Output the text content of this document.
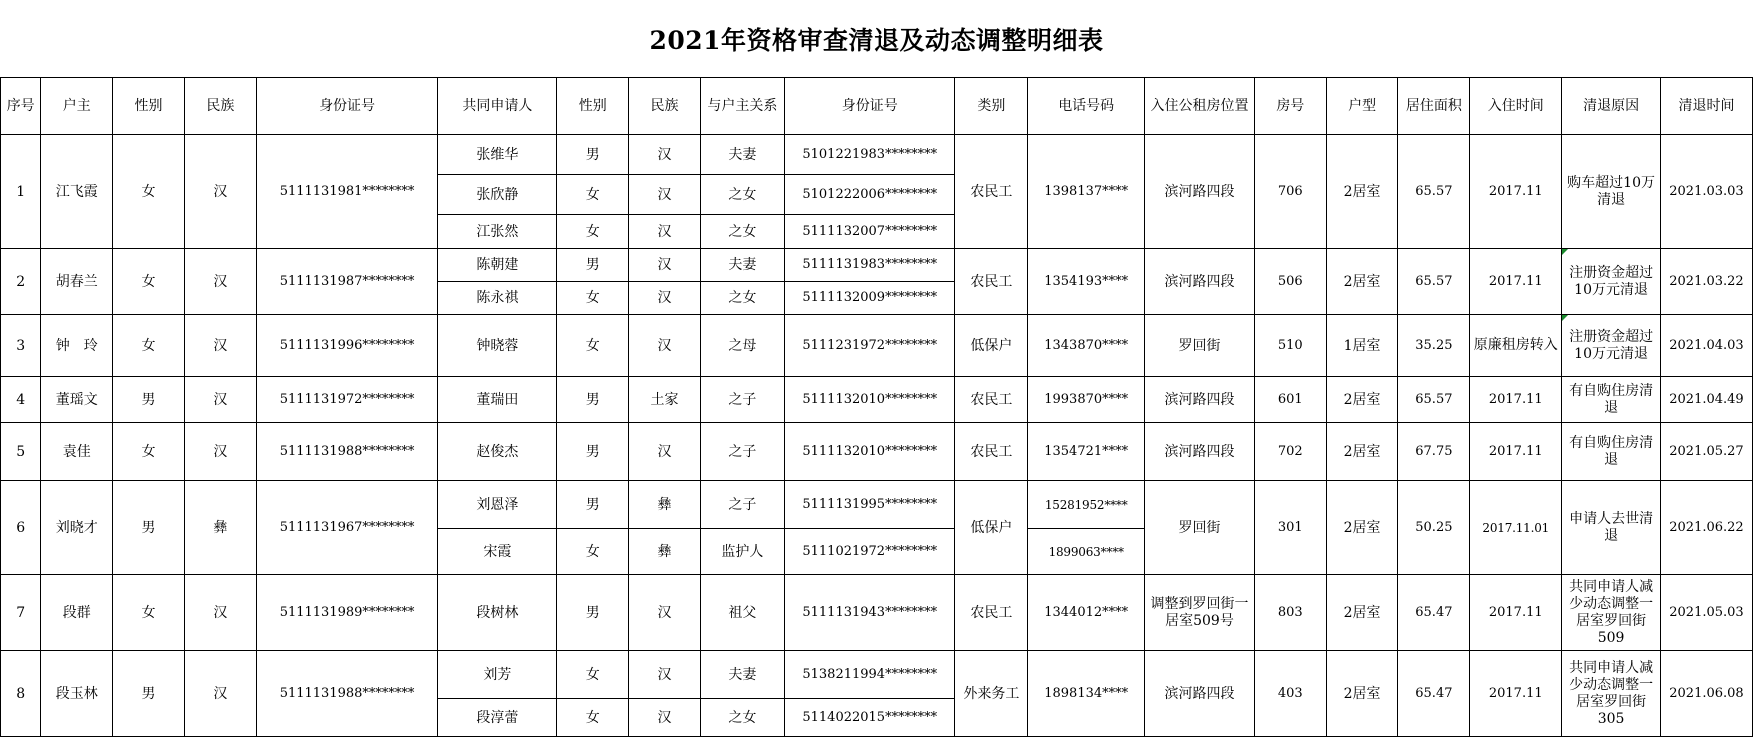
2021年资格审查清退及动态调整明细表
序号	户主	性别	民族	身份证号	共同申请人	性别	民族	与户主关系	身份证号	类别	电话号码	入住公租房位置	房号	户型	居住面积	入住时间	清退原因	清退时间
1	江飞霞	女	汉	5111131981********	张维华	男	汉	夫妻	5101221983********	农民工	1398137****	滨河路四段	706	2居室	65.57	2017.11	购车超过10万清退	2021.03.03
					张欣静	女	汉	之女	5101222006********									
					江张然	女	汉	之女	5111132007********									
2	胡春兰	女	汉	5111131987********	陈朝建	男	汉	夫妻	5111131983********	农民工	1354193****	滨河路四段	506	2居室	65.57	2017.11	注册资金超过10万元清退	2021.03.22
					陈永祺	女	汉	之女	5111132009********									
3	钟　玲	女	汉	5111131996********	钟晓蓉	女	汉	之母	5111231972********	低保户	1343870****	罗回街	510	1居室	35.25	原廉租房转入	注册资金超过10万元清退	2021.04.03
4	董瑶文	男	汉	5111131972********	董瑞田	男	土家	之子	5111132010********	农民工	1993870****	滨河路四段	601	2居室	65.57	2017.11	有自购住房清退	2021.04.49
5	袁佳	女	汉	5111131988********	赵俊杰	男	汉	之子	5111132010********	农民工	1354721****	滨河路四段	702	2居室	67.75	2017.11	有自购住房清退	2021.05.27
6	刘晓才	男	彝	5111131967********	刘恩泽	男	彝	之子	5111131995********	低保户	15281952****	罗回街	301	2居室	50.25	2017.11.01	申请人去世清退	2021.06.22
					宋霞	女	彝	监护人	5111021972********		1899063****							
7	段群	女	汉	5111131989********	段树林	男	汉	祖父	5111131943********	农民工	1344012****	调整到罗回街一居室509号	803	2居室	65.47	2017.11	共同申请人减少动态调整一居室罗回街509	2021.05.03
8	段玉林	男	汉	5111131988********	刘芳	女	汉	夫妻	5138211994********	外来务工	1898134****	滨河路四段	403	2居室	65.47	2017.11	共同申请人减少动态调整一居室罗回街305	2021.06.08
					段淳蕾	女	汉	之女	5114022015********									
